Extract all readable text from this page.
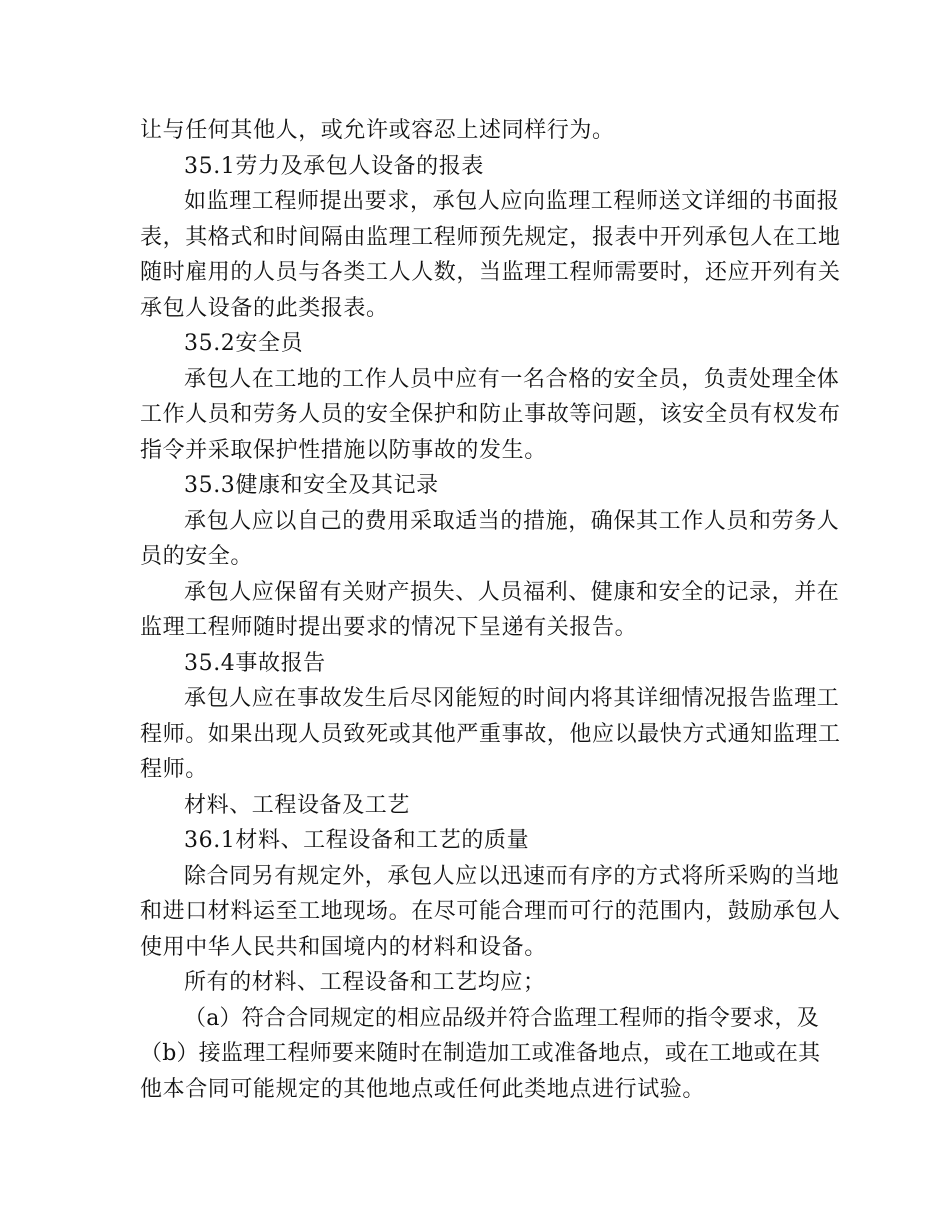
让与任何其他人，或允许或容忍上述同样行为。

35.1劳力及承包人设备的报表

如监理工程师提出要求，承包人应向监理工程师送文详细的书面报

表，其格式和时间隔由监理工程师预先规定，报表中开列承包人在工地

随时雇用的人员与各类工人人数，当监理工程师需要时，还应开列有关

承包人设备的此类报表。

35.2安全员

承包人在工地的工作人员中应有一名合格的安全员，负责处理全体

工作人员和劳务人员的安全保护和防止事故等问题，该安全员有权发布

指令并采取保护性措施以防事故的发生。

35.3健康和安全及其记录

承包人应以自己的费用采取适当的措施，确保其工作人员和劳务人

员的安全。

承包人应保留有关财产损失、人员福利、健康和安全的记录，并在

监理工程师随时提出要求的情况下呈递有关报告。

35.4事故报告

承包人应在事故发生后尽冈能短的时间内将其详细情况报告监理工

程师。如果出现人员致死或其他严重事故，他应以最快方式通知监理工

程师。

材料、工程设备及工艺

36.1材料、工程设备和工艺的质量

除合同另有规定外，承包人应以迅速而有序的方式将所采购的当地

和进口材料运至工地现场。在尽可能合理而可行的范围内，鼓励承包人

使用中华人民共和国境内的材料和设备。

所有的材料、工程设备和工艺均应；

（a）符合合同规定的相应品级并符合监理工程师的指令要求，及

（b）接监理工程师要来随时在制造加工或准备地点，或在工地或在其

他本合同可能规定的其他地点或任何此类地点进行试验。
